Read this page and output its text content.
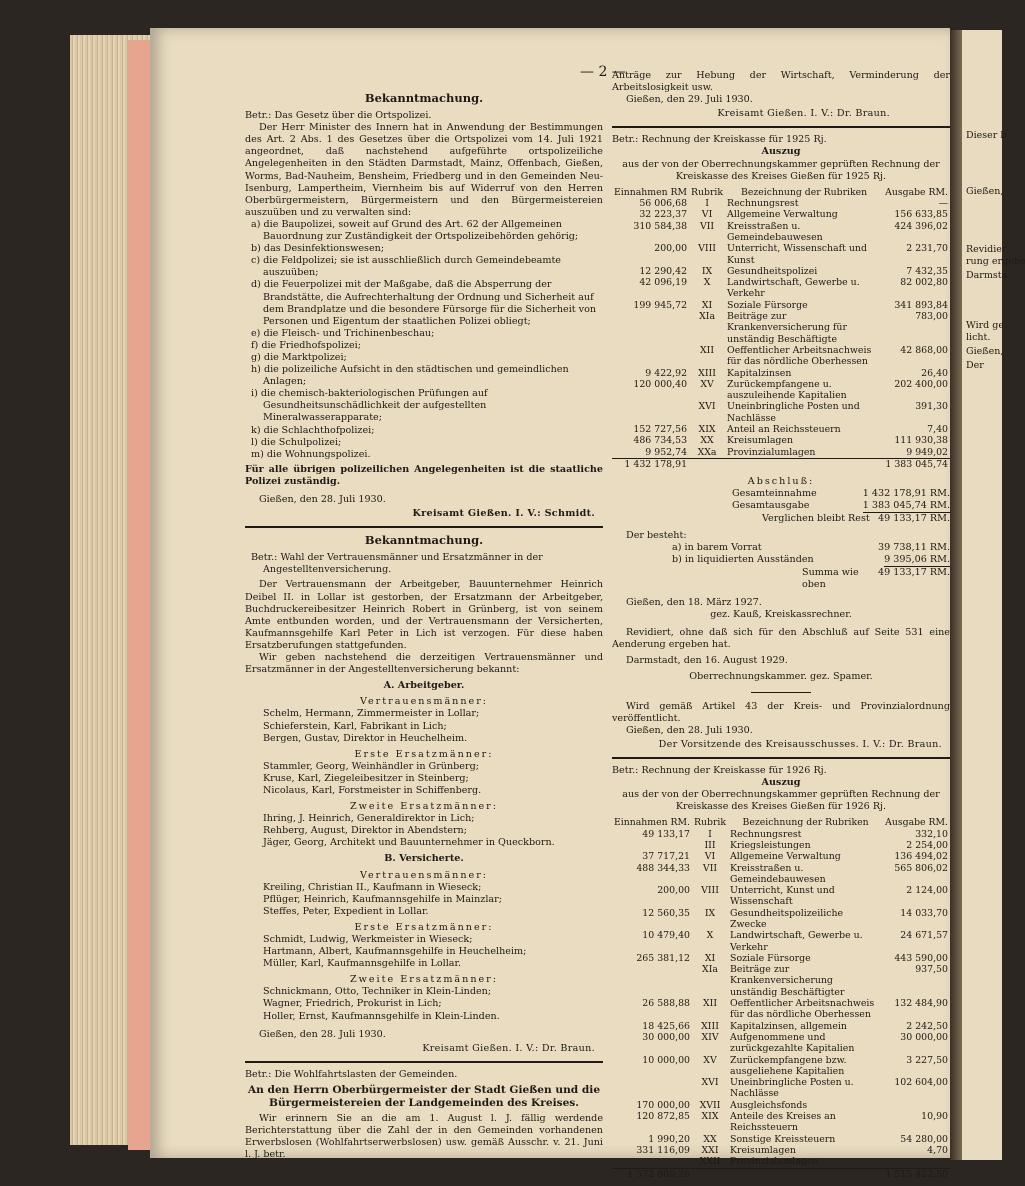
Dieser b
Gießen,
Revidier
rung ergebe
Darmsta
Wird ge
licht.
Gießen,
Der
— 2 —
Bekanntmachung.

Betr.: Das Gesetz über die Ortspolizei.

Der Herr Minister des Innern hat in Anwendung der Bestimmungen des Art. 2 Abs. 1 des Gesetzes über die Ortspolizei vom 14. Juli 1921 angeordnet, daß nachstehend aufgeführte ortspolizeiliche Angelegenheiten in den Städten Darmstadt, Mainz, Offenbach, Gießen, Worms, Bad-Nauheim, Bensheim, Friedberg und in den Gemeinden Neu-Isenburg, Lampertheim, Viernheim bis auf Widerruf von den Herren Oberbürgermeistern, Bürgermeistern und den Bürgermeistereien auszuüben und zu verwalten sind:

a) die Baupolizei, soweit auf Grund des Art. 62 der Allgemeinen Bauordnung zur Zuständigkeit der Ortspolizeibehörden gehörig;

b) das Desinfektionswesen;

c) die Feldpolizei; sie ist ausschließlich durch Gemeindebeamte auszuüben;

d) die Feuerpolizei mit der Maßgabe, daß die Absperrung der Brandstätte, die Aufrechterhaltung der Ordnung und Sicherheit auf dem Brandplatze und die besondere Fürsorge für die Sicherheit von Personen und Eigentum der staatlichen Polizei obliegt;

e) die Fleisch- und Trichinenbeschau;

f) die Friedhofspolizei;

g) die Marktpolizei;

h) die polizeiliche Aufsicht in den städtischen und gemeindlichen Anlagen;

i) die chemisch-bakteriologischen Prüfungen auf Gesundheitsunschädlichkeit der aufgestellten Mineralwasserapparate;

k) die Schlachthofpolizei;

l) die Schulpolizei;

m) die Wohnungspolizei.

Für alle übrigen polizeilichen Angelegenheiten ist die staatliche Polizei zuständig.

Gießen, den 28. Juli 1930.

Kreisamt Gießen. I. V.: Schmidt.

Bekanntmachung.

Betr.: Wahl der Vertrauensmänner und Ersatzmänner in der Angestelltenversicherung.

Der Vertrauensmann der Arbeitgeber, Bauunternehmer Heinrich Deibel II. in Lollar ist gestorben, der Ersatzmann der Arbeitgeber, Buchdruckereibesitzer Heinrich Robert in Grünberg, ist von seinem Amte entbunden worden, und der Vertrauensmann der Versicherten, Kaufmannsgehilfe Karl Peter in Lich ist verzogen. Für diese haben Ersatzberufungen stattgefunden.

Wir geben nachstehend die derzeitigen Vertrauensmänner und Ersatzmänner in der Angestelltenversicherung bekannt:

A. Arbeitgeber.

Vertrauensmänner:

Schelm, Hermann, Zimmermeister in Lollar;

Schieferstein, Karl, Fabrikant in Lich;

Bergen, Gustav, Direktor in Heuchelheim.

Erste Ersatzmänner:

Stammler, Georg, Weinhändler in Grünberg;

Kruse, Karl, Ziegeleibesitzer in Steinberg;

Nicolaus, Karl, Forstmeister in Schiffenberg.

Zweite Ersatzmänner:

Ihring, J. Heinrich, Generaldirektor in Lich;

Rehberg, August, Direktor in Abendstern;

Jäger, Georg, Architekt und Bauunternehmer in Queckborn.

B. Versicherte.

Vertrauensmänner:

Kreiling, Christian II., Kaufmann in Wieseck;

Pflüger, Heinrich, Kaufmannsgehilfe in Mainzlar;

Steffes, Peter, Expedient in Lollar.

Erste Ersatzmänner:

Schmidt, Ludwig, Werkmeister in Wieseck;

Hartmann, Albert, Kaufmannsgehilfe in Heuchelheim;

Müller, Karl, Kaufmannsgehilfe in Lollar.

Zweite Ersatzmänner:

Schnickmann, Otto, Techniker in Klein-Linden;

Wagner, Friedrich, Prokurist in Lich;

Holler, Ernst, Kaufmannsgehilfe in Klein-Linden.

Gießen, den 28. Juli 1930.

Kreisamt Gießen. I. V.: Dr. Braun.

Betr.: Die Wohlfahrtslasten der Gemeinden.

An den Herrn Oberbürgermeister der Stadt Gießen und die Bürgermeistereien der Landgemeinden des Kreises.

Wir erinnern Sie an die am 1. August l. J. fällig werdende Berichterstattung über die Zahl der in den Gemeinden vorhandenen Erwerbslosen (Wohlfahrtserwerbslosen) usw. gemäß Ausschr. v. 21. Juni l. J. betr.

Anträge zur Hebung der Wirtschaft, Verminderung der Arbeitslosigkeit usw.

Gießen, den 29. Juli 1930.

Kreisamt Gießen. I. V.: Dr. Braun.

Betr.: Rechnung der Kreiskasse für 1925 Rj.

Auszug

aus der von der Oberrechnungskammer geprüften Rechnung der Kreiskasse des Kreises Gießen für 1925 Rj.

Einnahmen RM	Rubrik	Bezeichnung der Rubriken	Ausgabe RM.
56 006,68	I	Rechnungsrest	—
32 223,37	VI	Allgemeine Verwaltung	156 633,85
310 584,38	VII	Kreisstraßen u. Gemeindebauwesen	424 396,02
200,00	VIII	Unterricht, Wissenschaft und Kunst	2 231,70
12 290,42	IX	Gesundheitspolizei	7 432,35
42 096,19	X	Landwirtschaft, Gewerbe u. Verkehr	82 002,80
199 945,72	XI	Soziale Fürsorge	341 893,84
	XIa	Beiträge zur Krankenversicherung für unständig Beschäftigte	783,00
	XII	Oeffentlicher Arbeitsnachweis für das nördliche Oberhessen	42 868,00
9 422,92	XIII	Kapitalzinsen	26,40
120 000,40	XV	Zurückempfangene u. auszuleihende Kapitalien	202 400,00
	XVI	Uneinbringliche Posten und Nachlässe	391,30
152 727,56	XIX	Anteil an Reichssteuern	7,40
486 734,53	XX	Kreisumlagen	111 930,38
9 952,74	XXa	Provinzialumlagen	9 949,02
1 432 178,91			1 383 045,74

Abschluß:

Gesamteinnahme	1 432 178,91 RM.
Gesamtausgabe	1 383 045,74 RM.
Verglichen bleibt Rest 49 133,17 RM.

Der besteht:

a) in barem Vorrat	39 738,11 RM.
b) in liquidierten Ausständen	9 395,06 RM.
Summa wie oben
49 133,17 RM.

Gießen, den 18. März 1927.

gez. Kauß, Kreiskassrechner.

Revidiert, ohne daß sich für den Abschluß auf Seite 531 eine Aenderung ergeben hat.

Darmstadt, den 16. August 1929.

Oberrechnungskammer. gez. Spamer.

Wird gemäß Artikel 43 der Kreis- und Provinzialordnung veröffentlicht.

Gießen, den 28. Juli 1930.

Der Vorsitzende des Kreisausschusses. I. V.: Dr. Braun.

Betr.: Rechnung der Kreiskasse für 1926 Rj.

Auszug

aus der von der Oberrechnungskammer geprüften Rechnung der Kreiskasse des Kreises Gießen für 1926 Rj.

Einnahmen RM.	Rubrik	Bezeichnung der Rubriken	Ausgabe RM.
49 133,17	I	Rechnungsrest	332,10
	III	Kriegsleistungen	2 254,00
37 717,21	VI	Allgemeine Verwaltung	136 494,02
488 344,33	VII	Kreisstraßen u. Gemeindebauwesen	565 806,02
200,00	VIII	Unterricht, Kunst und Wissenschaft	2 124,00
12 560,35	IX	Gesundheitspolizeiliche Zwecke	14 033,70
10 479,40	X	Landwirtschaft, Gewerbe u. Verkehr	24 671,57
265 381,12	XI	Soziale Fürsorge	443 590,00
	XIa	Beiträge zur Krankenversicherung unständig Beschäftigter	937,50
26 588,88	XII	Oeffentlicher Arbeitsnachweis für das nördliche Oberhessen	132 484,90
18 425,66	XIII	Kapitalzinsen, allgemein	2 242,50
30 000,00	XIV	Aufgenommene und zurückgezahlte Kapitalien	30 000,00
10 000,00	XV	Zurückempfangene bzw. ausgeliehene Kapitalien	3 227,50
	XVI	Uneinbringliche Posten u. Nachlässe	102 604,00
170 000,00	XVII	Ausgleichsfonds	
120 872,85	XIX	Anteile des Kreises an Reichssteuern	10,90
1 990,20	XX	Sonstige Kreissteuern	54 280,00
331 116,09	XXI	Kreisumlagen	4,70
	XXII	Provinzialumlagen	
1 572 809,26			1 515 422,50
